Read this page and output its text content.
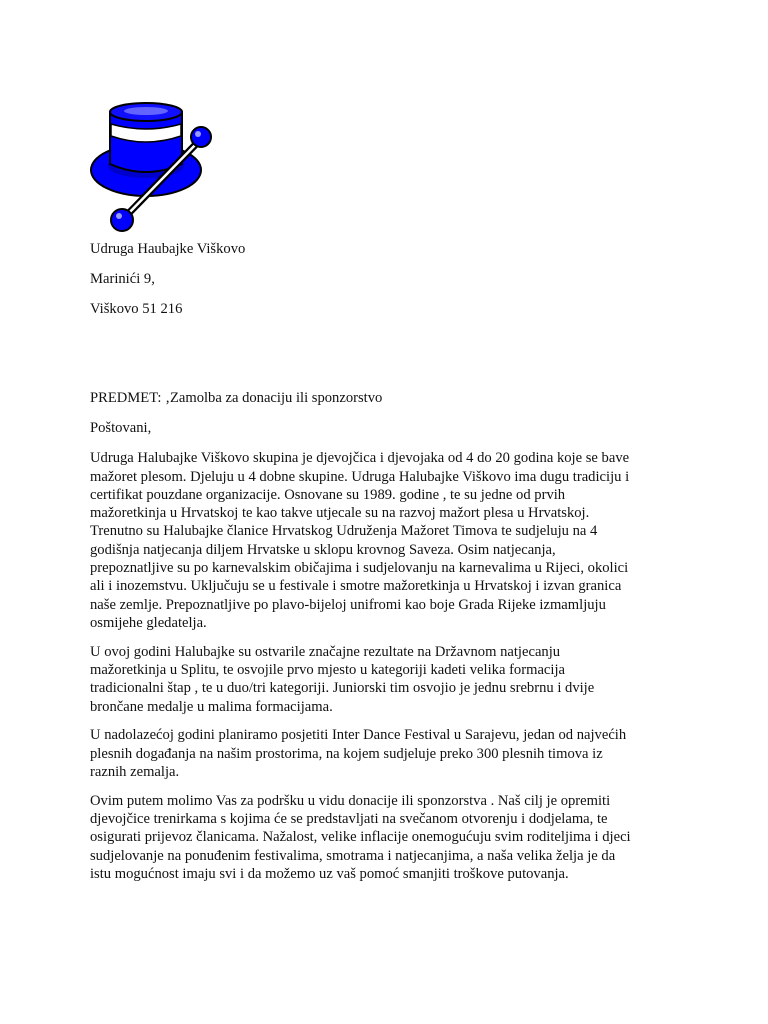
Udruga Haubajke Viškovo

Marinići 9,

Viškovo 51 216

PREDMET: ‚Zamolba za donaciju ili sponzorstvo

Poštovani,

Udruga Halubajke Viškovo skupina je djevojčica i djevojaka od 4 do 20 godina koje se bave
mažoret plesom. Djeluju u 4 dobne skupine. Udruga Halubajke Viškovo ima dugu tradiciju i
certifikat pouzdane organizacije. Osnovane su 1989. godine , te su jedne od prvih
mažoretkinja u Hrvatskoj te kao takve utjecale su na razvoj mažort plesa u Hrvatskoj.
Trenutno su Halubajke članice Hrvatskog Udruženja Mažoret Timova te sudjeluju na 4
godišnja natjecanja diljem Hrvatske u sklopu krovnog Saveza. Osim natjecanja,
prepoznatljive su po karnevalskim običajima i sudjelovanju na karnevalima u Rijeci, okolici
ali i inozemstvu. Uključuju se u festivale i smotre mažoretkinja u Hrvatskoj i izvan granica
naše zemlje. Prepoznatljive po plavo-bijeloj unifromi kao boje Grada Rijeke izmamljuju
osmijehe gledatelja.

U ovoj godini Halubajke su ostvarile značajne rezultate na Državnom natjecanju
mažoretkinja u Splitu, te osvojile prvo mjesto u kategoriji kadeti velika formacija
tradicionalni štap , te u duo/tri kategoriji. Juniorski tim osvojio je jednu srebrnu i dvije
brončane medalje u malima formacijama.

U nadolazećoj godini planiramo posjetiti Inter Dance Festival u Sarajevu, jedan od najvećih
plesnih događanja na našim prostorima, na kojem sudjeluje preko 300 plesnih timova iz
raznih zemalja.

Ovim putem molimo Vas za podršku u vidu donacije ili sponzorstva . Naš cilj je opremiti
djevojčice trenirkama s kojima će se predstavljati na svečanom otvorenju i dodjelama, te
osigurati prijevoz članicama. Nažalost, velike inflacije onemogućuju svim roditeljima i djeci
sudjelovanje na ponuđenim festivalima, smotrama i natjecanjima, a naša velika želja je da
istu mogućnost imaju svi i da možemo uz vaš pomoć smanjiti troškove putovanja.
